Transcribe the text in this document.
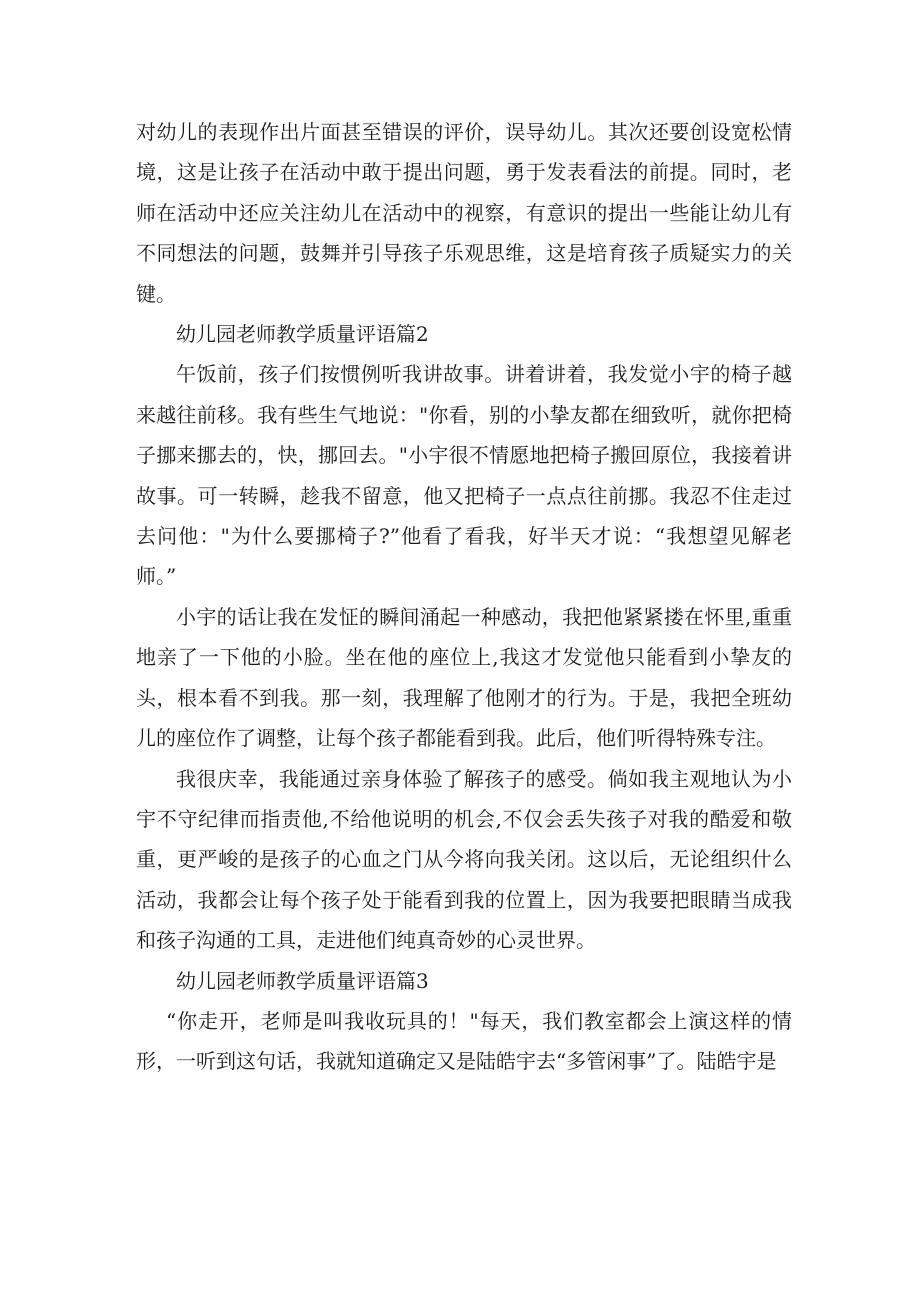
对幼儿的表现作出片面甚至错误的评价，误导幼儿。其次还要创设宽松情境，这是让孩子在活动中敢于提出问题，勇于发表看法的前提。同时，老师在活动中还应关注幼儿在活动中的视察，有意识的提出一些能让幼儿有不同想法的问题，鼓舞并引导孩子乐观思维，这是培育孩子质疑实力的关键。

幼儿园老师教学质量评语篇2

午饭前，孩子们按惯例听我讲故事。讲着讲着，我发觉小宇的椅子越来越往前移。我有些生气地说："你看，别的小挚友都在细致听，就你把椅子挪来挪去的，快，挪回去。"小宇很不情愿地把椅子搬回原位，我接着讲故事。可一转瞬，趁我不留意，他又把椅子一点点往前挪。我忍不住走过去问他："为什么要挪椅子?”他看了看我，好半天才说：“我想望见解老师。”

小宇的话让我在发怔的瞬间涌起一种感动，我把他紧紧搂在怀里,重重地亲了一下他的小脸。坐在他的座位上,我这才发觉他只能看到小挚友的头，根本看不到我。那一刻，我理解了他刚才的行为。于是，我把全班幼儿的座位作了调整，让每个孩子都能看到我。此后，他们听得特殊专注。

我很庆幸，我能通过亲身体验了解孩子的感受。倘如我主观地认为小宇不守纪律而指责他,不给他说明的机会,不仅会丢失孩子对我的酷爱和敬重，更严峻的是孩子的心血之门从今将向我关闭。这以后，无论组织什么活动，我都会让每个孩子处于能看到我的位置上，因为我要把眼睛当成我和孩子沟通的工具，走进他们纯真奇妙的心灵世界。

幼儿园老师教学质量评语篇3

“你走开，老师是叫我收玩具的！"每天，我们教室都会上演这样的情形，一听到这句话，我就知道确定又是陆皓宇去“多管闲事”了。陆皓宇是
